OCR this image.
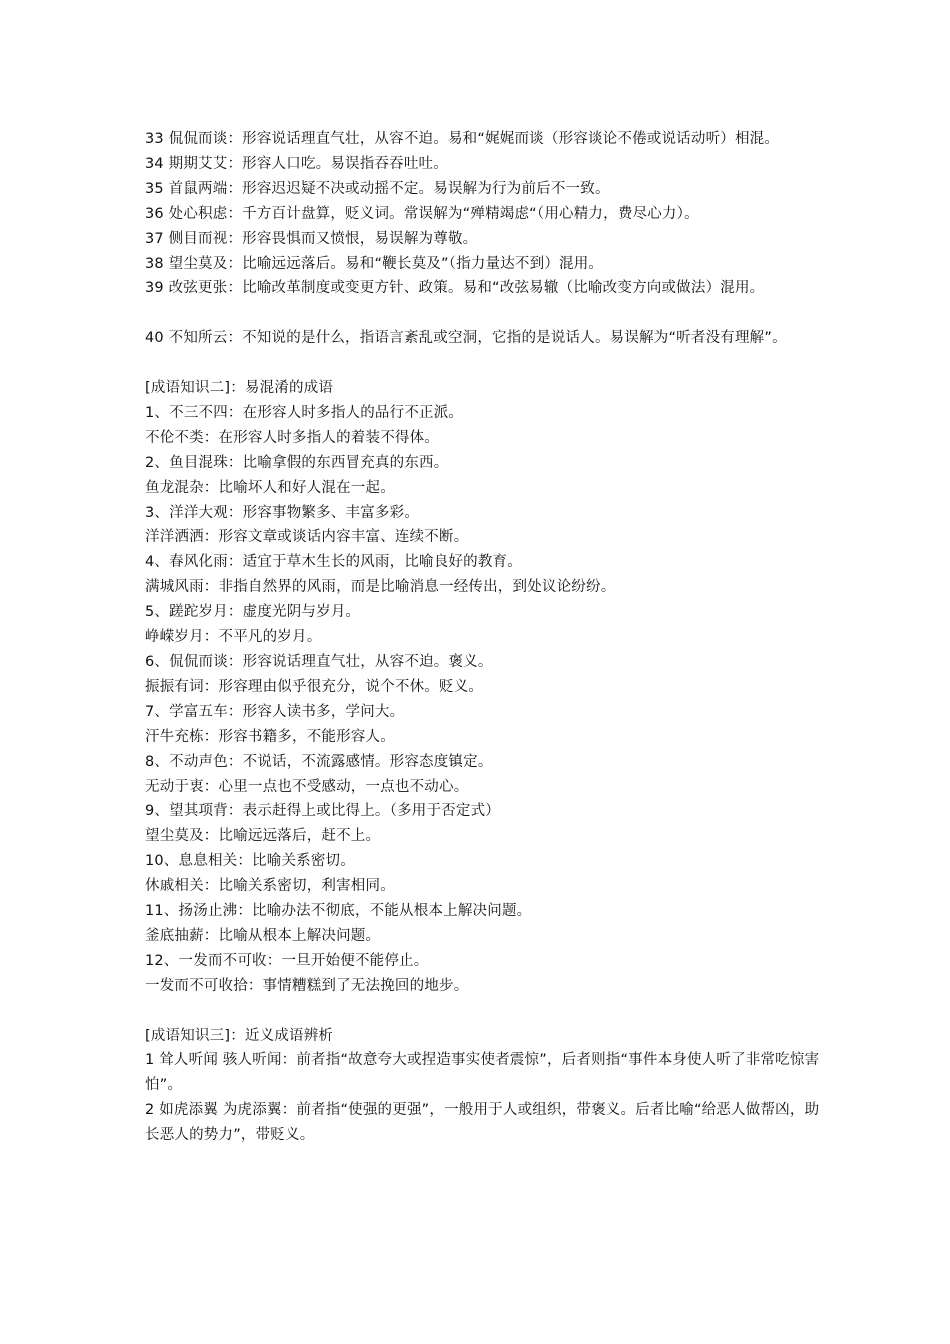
33 侃侃而谈：形容说话理直气壮，从容不迫。易和“娓娓而谈（形容谈论不倦或说话动听）相混。
34 期期艾艾：形容人口吃。易误指吞吞吐吐。
35 首鼠两端：形容迟迟疑不决或动摇不定。易误解为行为前后不一致。
36 处心积虑：千方百计盘算，贬义词。常误解为“殚精竭虑“（用心精力，费尽心力）。
37 侧目而视：形容畏惧而又愤恨，易误解为尊敬。
38 望尘莫及：比喻远远落后。易和“鞭长莫及”（指力量达不到）混用。
39 改弦更张：比喻改革制度或变更方针、政策。易和“改弦易辙（比喻改变方向或做法）混用。
40 不知所云：不知说的是什么，指语言紊乱或空洞，它指的是说话人。易误解为“听者没有理解”。
[成语知识二]：易混淆的成语
1、不三不四：在形容人时多指人的品行不正派。
不伦不类：在形容人时多指人的着装不得体。
2、鱼目混珠：比喻拿假的东西冒充真的东西。
鱼龙混杂：比喻坏人和好人混在一起。
3、洋洋大观：形容事物繁多、丰富多彩。
洋洋洒洒：形容文章或谈话内容丰富、连续不断。
4、春风化雨：适宜于草木生长的风雨，比喻良好的教育。
满城风雨：非指自然界的风雨，而是比喻消息一经传出，到处议论纷纷。
5、蹉跎岁月：虚度光阴与岁月。
峥嵘岁月：不平凡的岁月。
6、侃侃而谈：形容说话理直气壮，从容不迫。褒义。
振振有词：形容理由似乎很充分，说个不休。贬义。
7、学富五车：形容人读书多，学问大。
汗牛充栋：形容书籍多，不能形容人。
8、不动声色：不说话，不流露感情。形容态度镇定。
无动于衷：心里一点也不受感动，一点也不动心。
9、望其项背：表示赶得上或比得上。（多用于否定式）
望尘莫及：比喻远远落后，赶不上。
10、息息相关：比喻关系密切。
休戚相关：比喻关系密切，利害相同。
11、扬汤止沸：比喻办法不彻底，不能从根本上解决问题。
釜底抽薪：比喻从根本上解决问题。
12、一发而不可收：一旦开始便不能停止。
一发而不可收拾：事情糟糕到了无法挽回的地步。
[成语知识三]：近义成语辨析
1 耸人听闻 骇人听闻：前者指“故意夸大或捏造事实使者震惊”，后者则指“事件本身使人听了非常吃惊害怕”。
2 如虎添翼 为虎添翼：前者指“使强的更强”，一般用于人或组织，带褒义。后者比喻“给恶人做帮凶，助长恶人的势力”，带贬义。
